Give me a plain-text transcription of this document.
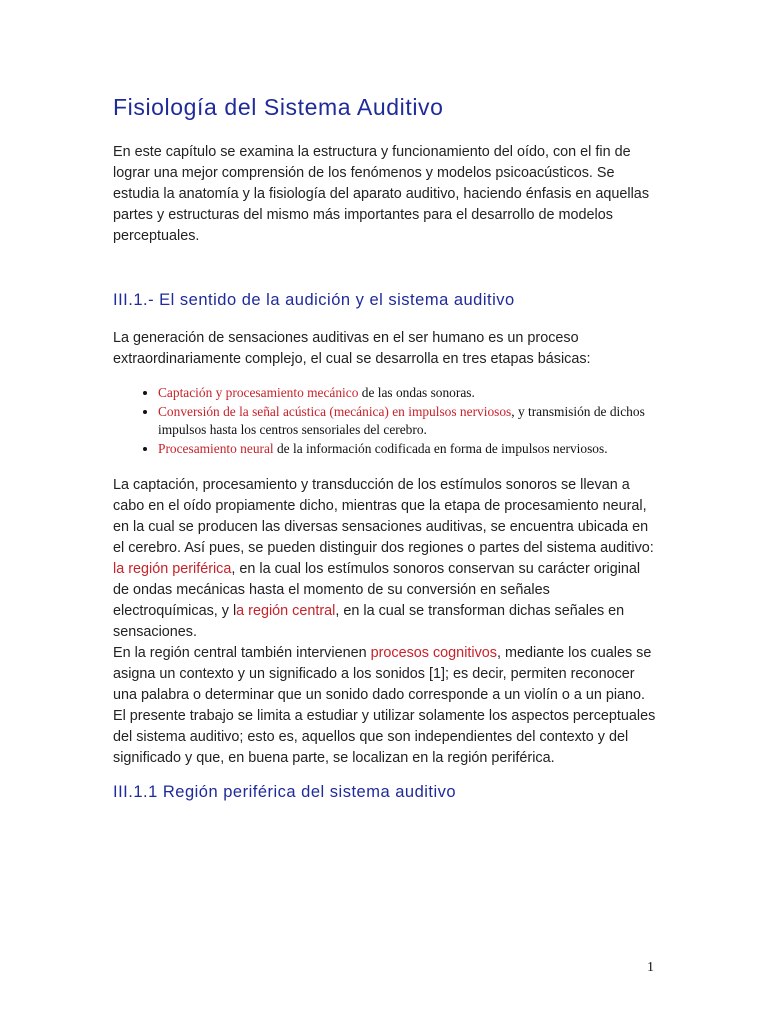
Fisiología del Sistema Auditivo

En este capítulo se examina la estructura y funcionamiento del oído, con el fin de lograr una mejor comprensión de los fenómenos y modelos psicoacústicos. Se estudia la anatomía y la fisiología del aparato auditivo, haciendo énfasis en aquellas partes y estructuras del mismo más importantes para el desarrollo de modelos perceptuales.

III.1.- El sentido de la audición y el sistema auditivo

La generación de sensaciones auditivas en el ser humano es un proceso extraordinariamente complejo, el cual se desarrolla en tres etapas básicas:

• Captación y procesamiento mecánico de las ondas sonoras.
• Conversión de la señal acústica (mecánica) en impulsos nerviosos, y transmisión de dichos impulsos hasta los centros sensoriales del cerebro.
• Procesamiento neural de la información codificada en forma de impulsos nerviosos.

La captación, procesamiento y transducción de los estímulos sonoros se llevan a cabo en el oído propiamente dicho, mientras que la etapa de procesamiento neural, en la cual se producen las diversas sensaciones auditivas, se encuentra ubicada en el cerebro. Así pues, se pueden distinguir dos regiones o partes del sistema auditivo: la región periférica, en la cual los estímulos sonoros conservan su carácter original de ondas mecánicas hasta el momento de su conversión en señales electroquímicas, y la región central, en la cual se transforman dichas señales en sensaciones.

En la región central también intervienen procesos cognitivos, mediante los cuales se asigna un contexto y un significado a los sonidos [1]; es decir, permiten reconocer una palabra o determinar que un sonido dado corresponde a un violín o a un piano.

El presente trabajo se limita a estudiar y utilizar solamente los aspectos perceptuales del sistema auditivo; esto es, aquellos que son independientes del contexto y del significado y que, en buena parte, se localizan en la región periférica.

III.1.1 Región periférica del sistema auditivo
1
